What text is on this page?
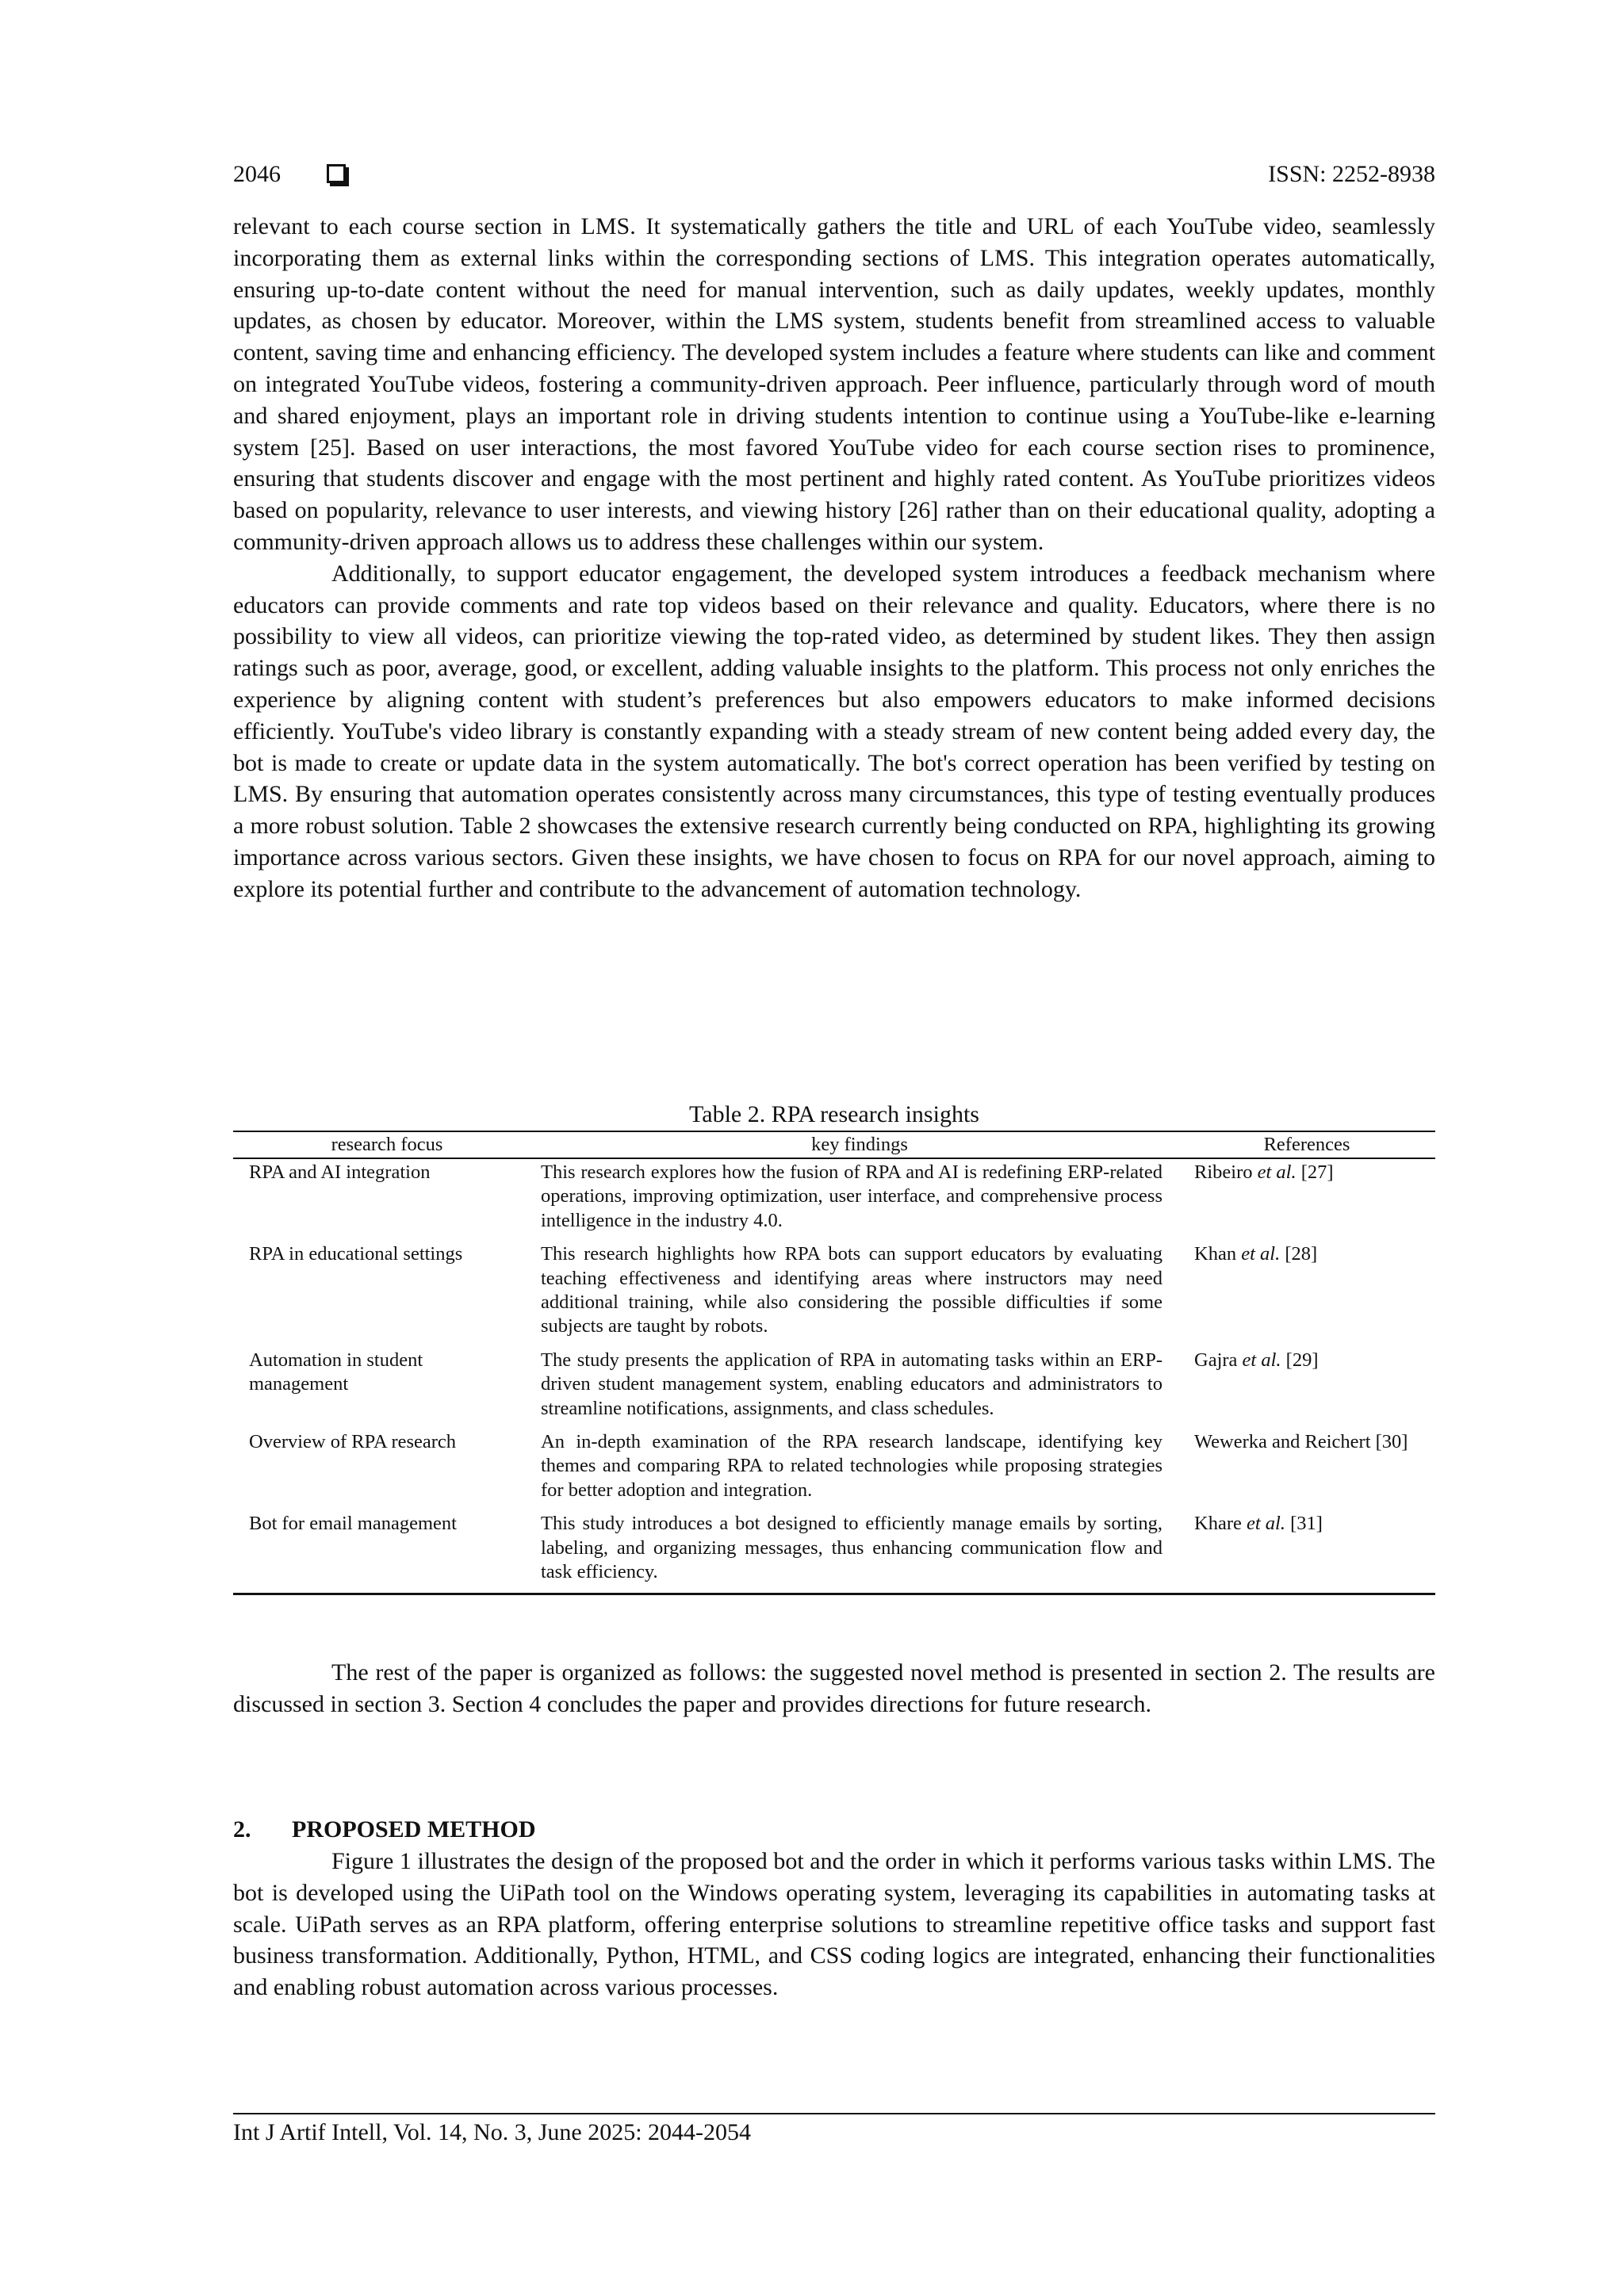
2046	ISSN: 2252-8938

relevant to each course section in LMS. It systematically gathers the title and URL of each YouTube video, seamlessly incorporating them as external links within the corresponding sections of LMS. This integration operates automatically, ensuring up-to-date content without the need for manual intervention, such as daily updates, weekly updates, monthly updates, as chosen by educator. Moreover, within the LMS system, students benefit from streamlined access to valuable content, saving time and enhancing efficiency. The developed system includes a feature where students can like and comment on integrated YouTube videos, fostering a community-driven approach. Peer influence, particularly through word of mouth and shared enjoyment, plays an important role in driving students intention to continue using a YouTube-like e-learning system [25]. Based on user interactions, the most favored YouTube video for each course section rises to prominence, ensuring that students discover and engage with the most pertinent and highly rated content. As YouTube prioritizes videos based on popularity, relevance to user interests, and viewing history [26] rather than on their educational quality, adopting a community-driven approach allows us to address these challenges within our system.

Additionally, to support educator engagement, the developed system introduces a feedback mechanism where educators can provide comments and rate top videos based on their relevance and quality. Educators, where there is no possibility to view all videos, can prioritize viewing the top-rated video, as determined by student likes. They then assign ratings such as poor, average, good, or excellent, adding valuable insights to the platform. This process not only enriches the experience by aligning content with student’s preferences but also empowers educators to make informed decisions efficiently. YouTube's video library is constantly expanding with a steady stream of new content being added every day, the bot is made to create or update data in the system automatically. The bot's correct operation has been verified by testing on LMS. By ensuring that automation operates consistently across many circumstances, this type of testing eventually produces a more robust solution. Table 2 showcases the extensive research currently being conducted on RPA, highlighting its growing importance across various sectors. Given these insights, we have chosen to focus on RPA for our novel approach, aiming to explore its potential further and contribute to the advancement of automation technology.

Table 2. RPA research insights
research focus	key findings	References
RPA and AI integration	This research explores how the fusion of RPA and AI is redefining ERP-related operations, improving optimization, user interface, and comprehensive process intelligence in the industry 4.0.	Ribeiro et al. [27]
RPA in educational settings	This research highlights how RPA bots can support educators by evaluating teaching effectiveness and identifying areas where instructors may need additional training, while also considering the possible difficulties if some subjects are taught by robots.	Khan et al. [28]
Automation in student management	The study presents the application of RPA in automating tasks within an ERP-driven student management system, enabling educators and administrators to streamline notifications, assignments, and class schedules.	Gajra et al. [29]
Overview of RPA research	An in-depth examination of the RPA research landscape, identifying key themes and comparing RPA to related technologies while proposing strategies for better adoption and integration.	Wewerka and Reichert [30]
Bot for email management	This study introduces a bot designed to efficiently manage emails by sorting, labeling, and organizing messages, thus enhancing communication flow and task efficiency.	Khare et al. [31]

The rest of the paper is organized as follows: the suggested novel method is presented in section 2. The results are discussed in section 3. Section 4 concludes the paper and provides directions for future research.

2. PROPOSED METHOD

Figure 1 illustrates the design of the proposed bot and the order in which it performs various tasks within LMS. The bot is developed using the UiPath tool on the Windows operating system, leveraging its capabilities in automating tasks at scale. UiPath serves as an RPA platform, offering enterprise solutions to streamline repetitive office tasks and support fast business transformation. Additionally, Python, HTML, and CSS coding logics are integrated, enhancing their functionalities and enabling robust automation across various processes.

Int J Artif Intell, Vol. 14, No. 3, June 2025: 2044-2054
